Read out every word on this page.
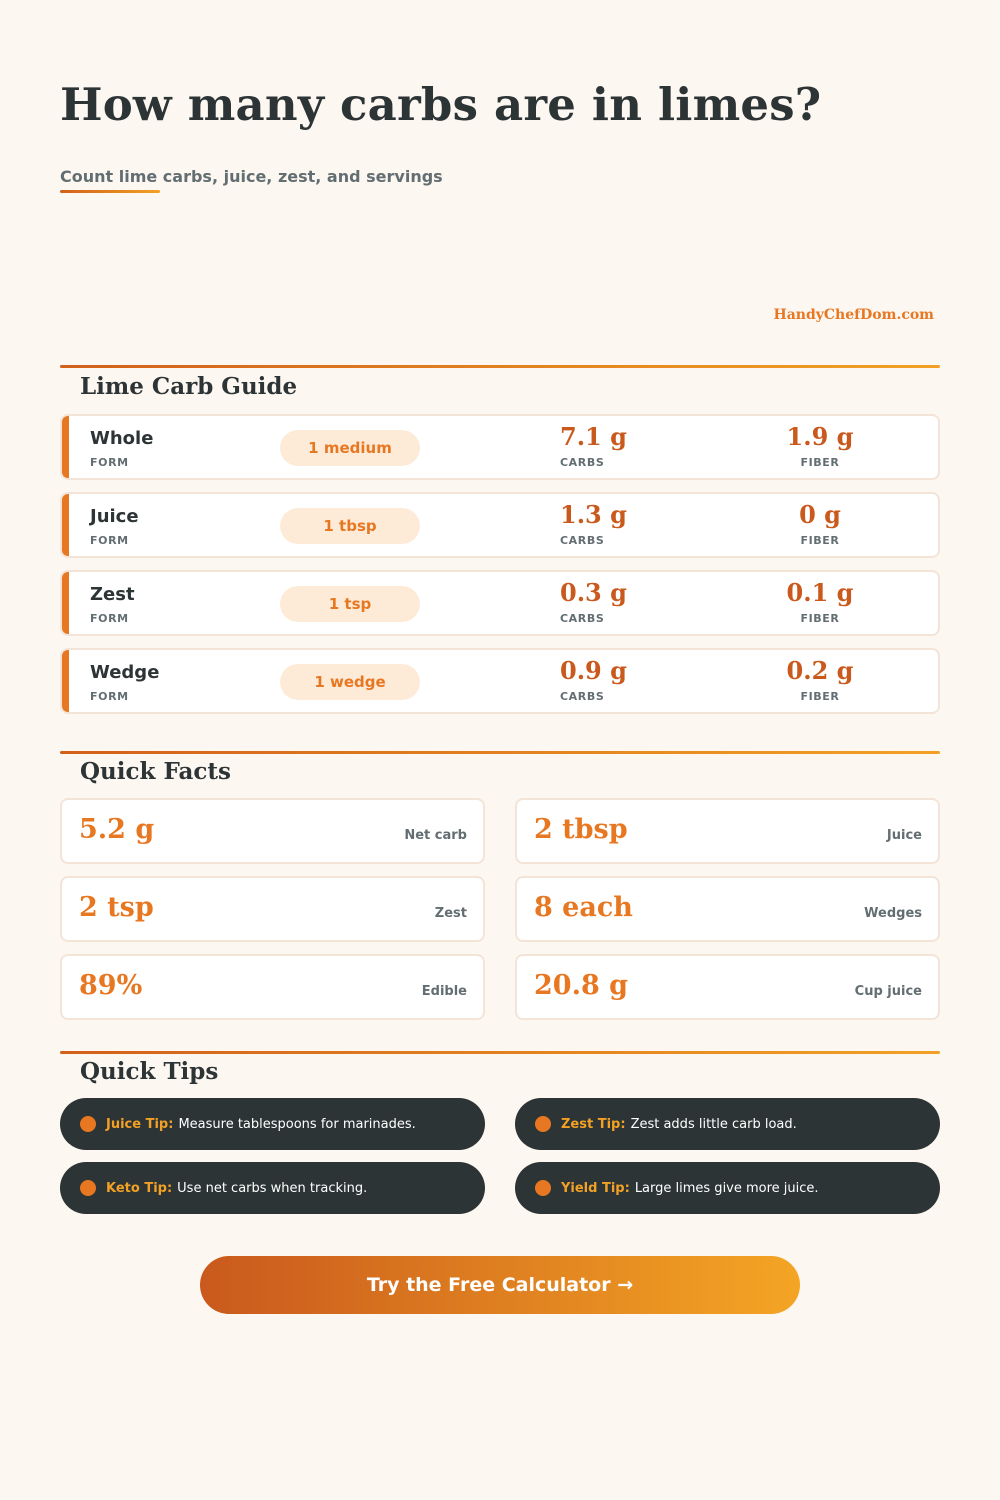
How many carbs are in limes?
Count lime carbs, juice, zest, and servings
HandyChefDom.com
Lime Carb Guide
Whole
FORM
1 medium	7.1 g
CARBS
1.9 g
FIBER
Juice
FORM
1 tbsp	1.3 g
CARBS
0 g
FIBER
Zest
FORM
1 tsp	0.3 g
CARBS
0.1 g
FIBER
Wedge
FORM
1 wedge	0.9 g
CARBS
0.2 g
FIBER
Quick Facts
5.2 g	Net carb 2 tbsp	Juice
2 tsp	Zest 8 each	Wedges
89%	Edible 20.8 g	Cup juice
Quick Tips
Juice Tip: Measure tablespoons for marinades.	Zest Tip: Zest adds little carb load.
Keto Tip: Use net carbs when tracking.	Yield Tip: Large limes give more juice.
Try the Free Calculator →
